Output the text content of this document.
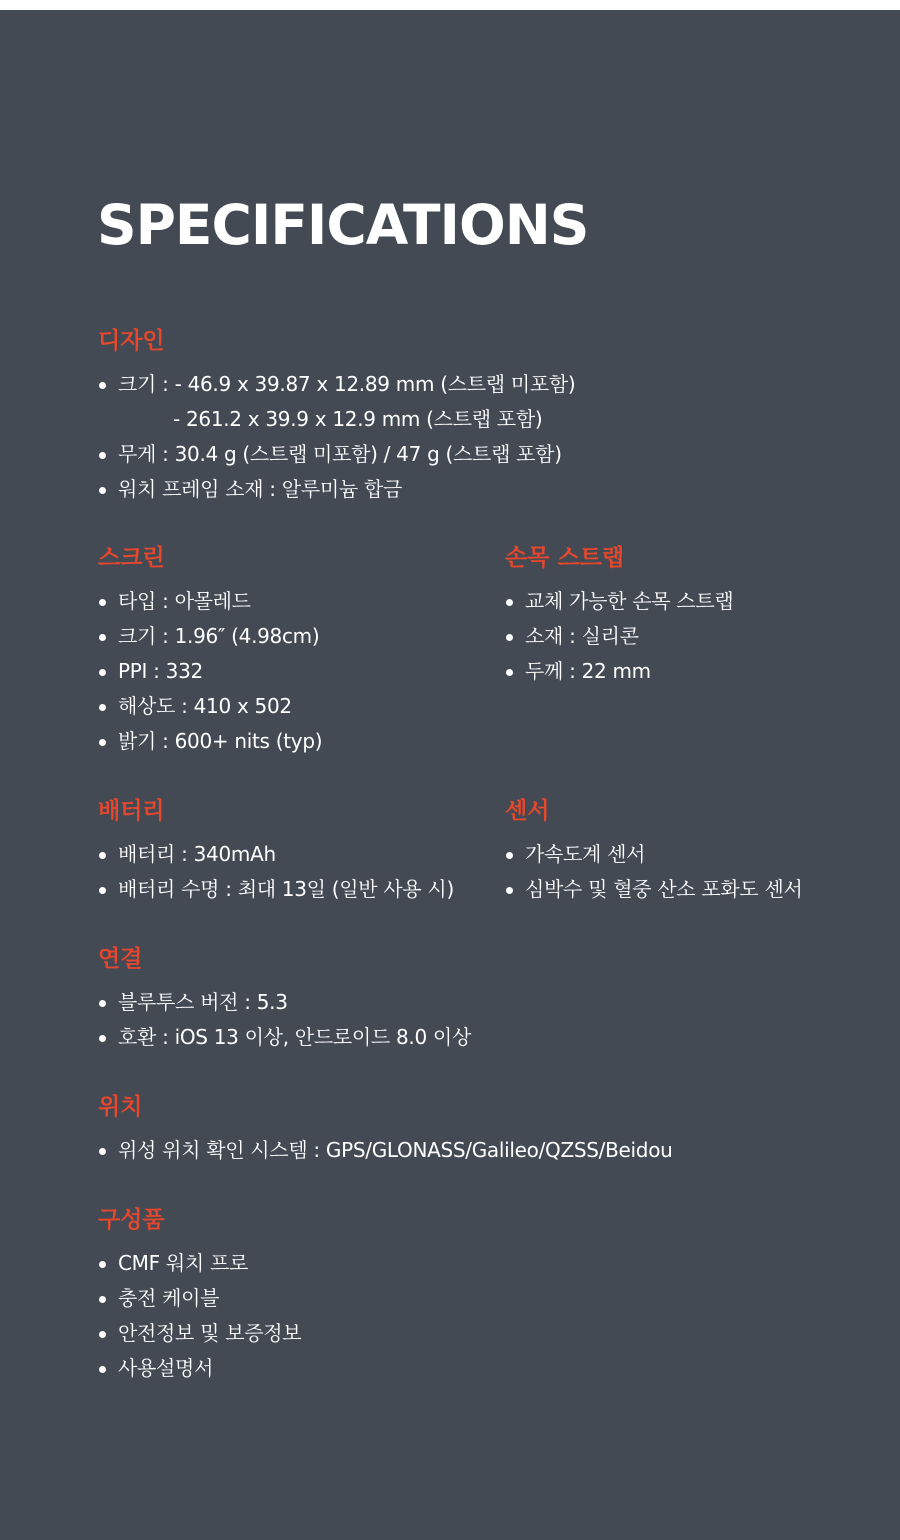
SPECIFICATIONS
디자인
크기 : - 46.9 x 39.87 x 12.89 mm (스트랩 미포함)
- 261.2 x 39.9 x 12.9 mm (스트랩 포함)
무게 : 30.4 g (스트랩 미포함) / 47 g (스트랩 포함)
워치 프레임 소재 : 알루미늄 합금
스크린
타입 : 아몰레드
크기 : 1.96″ (4.98cm)
PPI : 332
해상도 : 410 x 502
밝기 : 600+ nits (typ)
손목 스트랩
교체 가능한 손목 스트랩
소재 : 실리콘
두께 : 22 mm
배터리
배터리 : 340mAh
배터리 수명 : 최대 13일 (일반 사용 시)
센서
가속도계 센서
심박수 및 혈중 산소 포화도 센서
연결
블루투스 버전 : 5.3
호환 : iOS 13 이상, 안드로이드 8.0 이상
위치
위성 위치 확인 시스템 : GPS/GLONASS/Galileo/QZSS/Beidou
구성품
CMF 워치 프로
충전 케이블
안전정보 및 보증정보
사용설명서
